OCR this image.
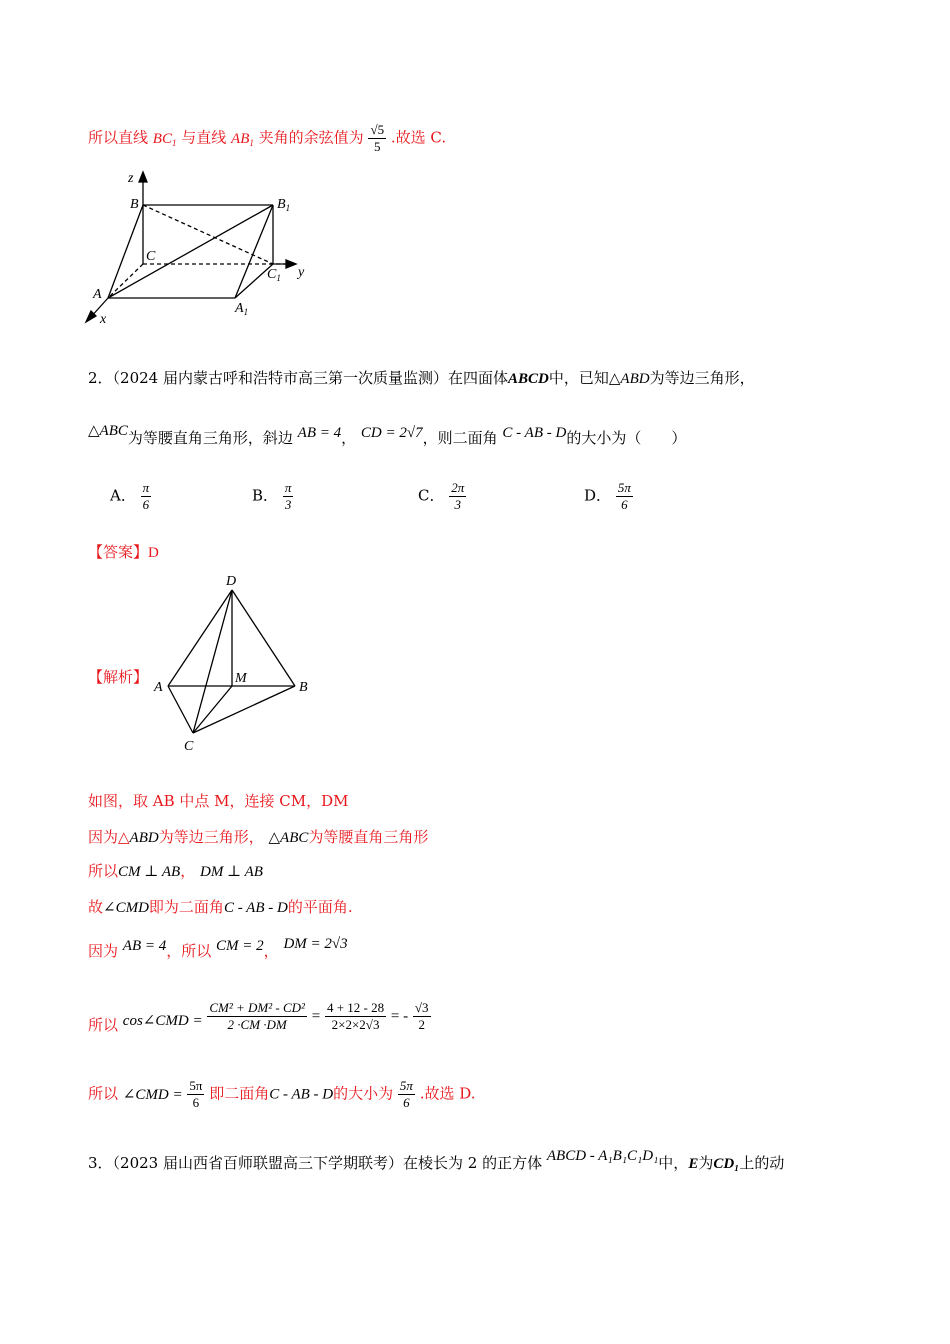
所以直线 $BC_1$ 与直线 $AB_1$ 夹角的余弦值为 $\frac{√5}{5}$ .故选 C.
z
y
x
B	$B_1$
C
$C_1$
A
$A_1$
2．（2024 届内蒙古呼和浩特市高三第一次质量监测）在四面体ABCD中，已知△ABD为等边三角形，
△ABC为等腰直角三角形，斜边 AB = 4， CD = 2√7，则二面角 C - AB - D的大小为（　　）
A． $\frac{\pi}{6}$	B． $\frac{\pi}{3}$	C． $\frac{2\pi}{3}$	D． $\frac{5\pi}{6}$
【答案】D
【解析】
D
A
M
B
C
如图，取 AB 中点 M，连接 CM，DM
因为△ABD为等边三角形， △ABC为等腰直角三角形
所以CM ⊥ AB， DM ⊥ AB
故∠CMD即为二面角C - AB - D的平面角.
因为 AB = 4，所以 CM = 2， DM = 2√3
所以 cos∠CMD = $\frac{\text{CM² + DM² - CD²}}{2 \cdot CM \cdot DM} = \frac{4 + 12 - 28}{2\times 2\times 2√3}$ = - $\frac{√3}{2}$
所以 ∠CMD = $\frac{5\pi}{6}$ 即二面角C - AB - D的大小为 $\frac{5\pi}{6}$ .故选 D.
3．（2023 届山西省百师联盟高三下学期联考）在棱长为 2 的正方体 ABCD - A₁B₁C₁D₁中，E为CD₁上的动
